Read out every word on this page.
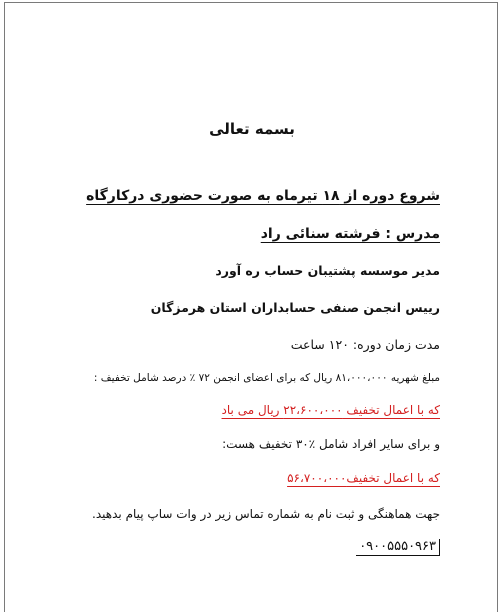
بسمه تعالی
شروع دوره از ۱۸ تیرماه به صورت حضوری درکارگاه
مدرس : فرشته سنائی راد
مدیر موسسه پشتیبان حساب ره آورد
رییس انجمن صنفی حسابداران استان هرمزگان
مدت زمان دوره: ۱۲۰ ساعت
مبلغ شهریه ۸۱،۰۰۰،۰۰۰ ریال که برای اعضای انجمن ۷۲ ٪ درصد شامل تخفیف :
که با اعمال تخفیف ۲۲،۶۰۰،۰۰۰ ریال می باد
و برای سایر افراد شامل ٪۳۰ تخفیف هست:
که با اعمال تخفیف۵۶،۷۰۰،۰۰۰
جهت هماهنگی و ثبت نام به شماره تماس زیر در وات ساپ پیام بدهید.
۰۹۰۰۵۵۵۰۹۶۳
